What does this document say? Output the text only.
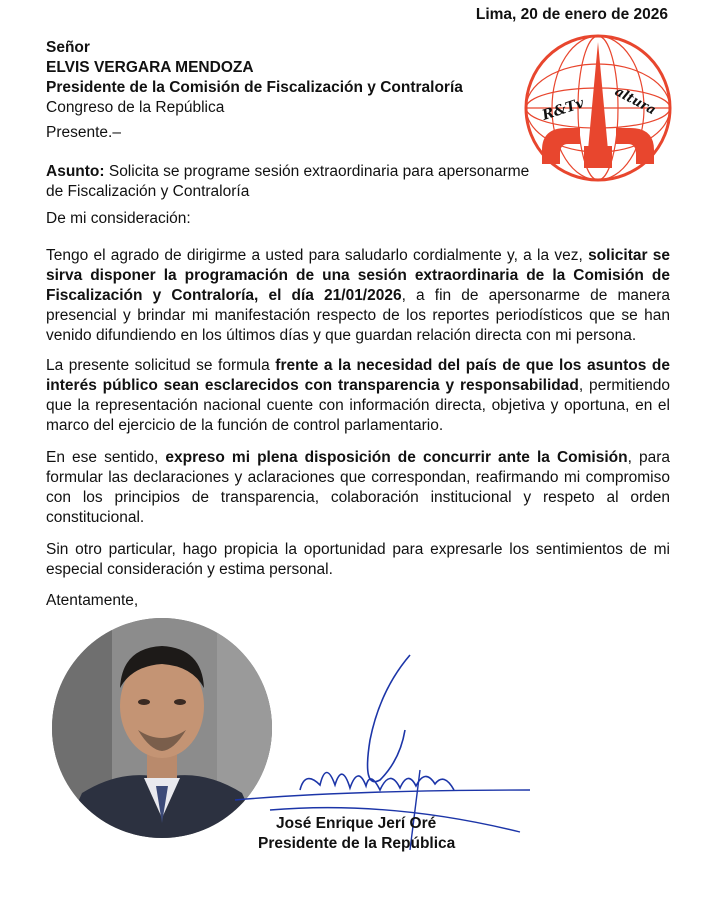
Lima, 20 de enero de 2026
Señor
ELVIS VERGARA MENDOZA
Presidente de la Comisión de Fiscalización y Contraloría
Congreso de la República
Presente.–
Asunto: Solicita se programe sesión extraordinaria para apersonarme
de Fiscalización y Contraloría
De mi consideración:
Tengo el agrado de dirigirme a usted para saludarlo cordialmente y, a la vez, solicitar se sirva disponer la programación de una sesión extraordinaria de la Comisión de Fiscalización y Contraloría, el día 21/01/2026, a fin de apersonarme de manera presencial y brindar mi manifestación respecto de los reportes periodísticos que se han venido difundiendo en los últimos días y que guardan relación directa con mi persona.
La presente solicitud se formula frente a la necesidad del país de que los asuntos de interés público sean esclarecidos con transparencia y responsabilidad, permitiendo que la representación nacional cuente con información directa, objetiva y oportuna, en el marco del ejercicio de la función de control parlamentario.
En ese sentido, expreso mi plena disposición de concurrir ante la Comisión, para formular las declaraciones y aclaraciones que correspondan, reafirmando mi compromiso con los principios de transparencia, colaboración institucional y respeto al orden constitucional.
Sin otro particular, hago propicia la oportunidad para expresarle los sentimientos de mi especial consideración y estima personal.
Atentamente,
R&Tv altura
José Enrique Jerí Oré
Presidente de la República
